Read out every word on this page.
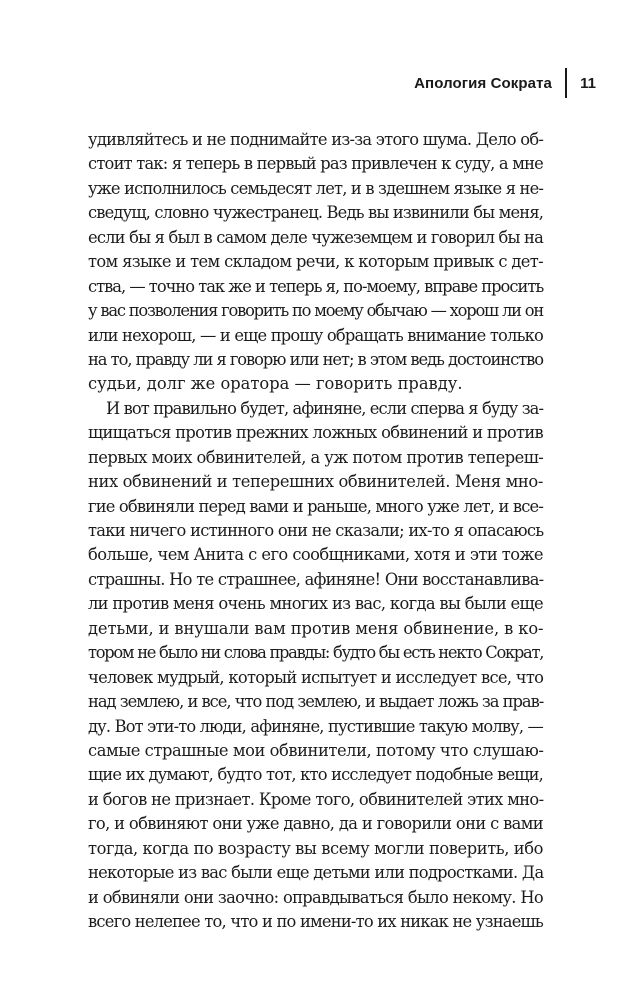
Апология Сократа 11
удивляйтесь и не поднимайте из-за этого шума. Дело об-
стоит так: я теперь в первый раз привлечен к суду, а мне
уже исполнилось семьдесят лет, и в здешнем языке я не-
сведущ, словно чужестранец. Ведь вы извинили бы меня,
если бы я был в самом деле чужеземцем и говорил бы на
том языке и тем складом речи, к которым привык с дет-
ства, — точно так же и теперь я, по-моему, вправе просить
у вас позволения говорить по моему обычаю — хорош ли он
или нехорош, — и еще прошу обращать внимание только
на то, правду ли я говорю или нет; в этом ведь достоинство
судьи, долг же оратора — говорить правду.
И вот правильно будет, афиняне, если сперва я буду за-
щищаться против прежних ложных обвинений и против
первых моих обвинителей, а уж потом против тепереш-
них обвинений и теперешних обвинителей. Меня мно-
гие обвиняли перед вами и раньше, много уже лет, и все-
таки ничего истинного они не сказали; их-то я опасаюсь
больше, чем Анита с его сообщниками, хотя и эти тоже
страшны. Но те страшнее, афиняне! Они восстанавлива-
ли против меня очень многих из вас, когда вы были еще
детьми, и внушали вам против меня обвинение, в ко-
тором не было ни слова правды: будто бы есть некто Сократ,
человек мудрый, который испытует и исследует все, что
над землею, и все, что под землею, и выдает ложь за прав-
ду. Вот эти-то люди, афиняне, пустившие такую молву, —
самые страшные мои обвинители, потому что слушаю-
щие их думают, будто тот, кто исследует подобные вещи,
и богов не признает. Кроме того, обвинителей этих мно-
го, и обвиняют они уже давно, да и говорили они с вами
тогда, когда по возрасту вы всему могли поверить, ибо
некоторые из вас были еще детьми или подростками. Да
и обвиняли они заочно: оправдываться было некому. Но
всего нелепее то, что и по имени-то их никак не узнаешь
